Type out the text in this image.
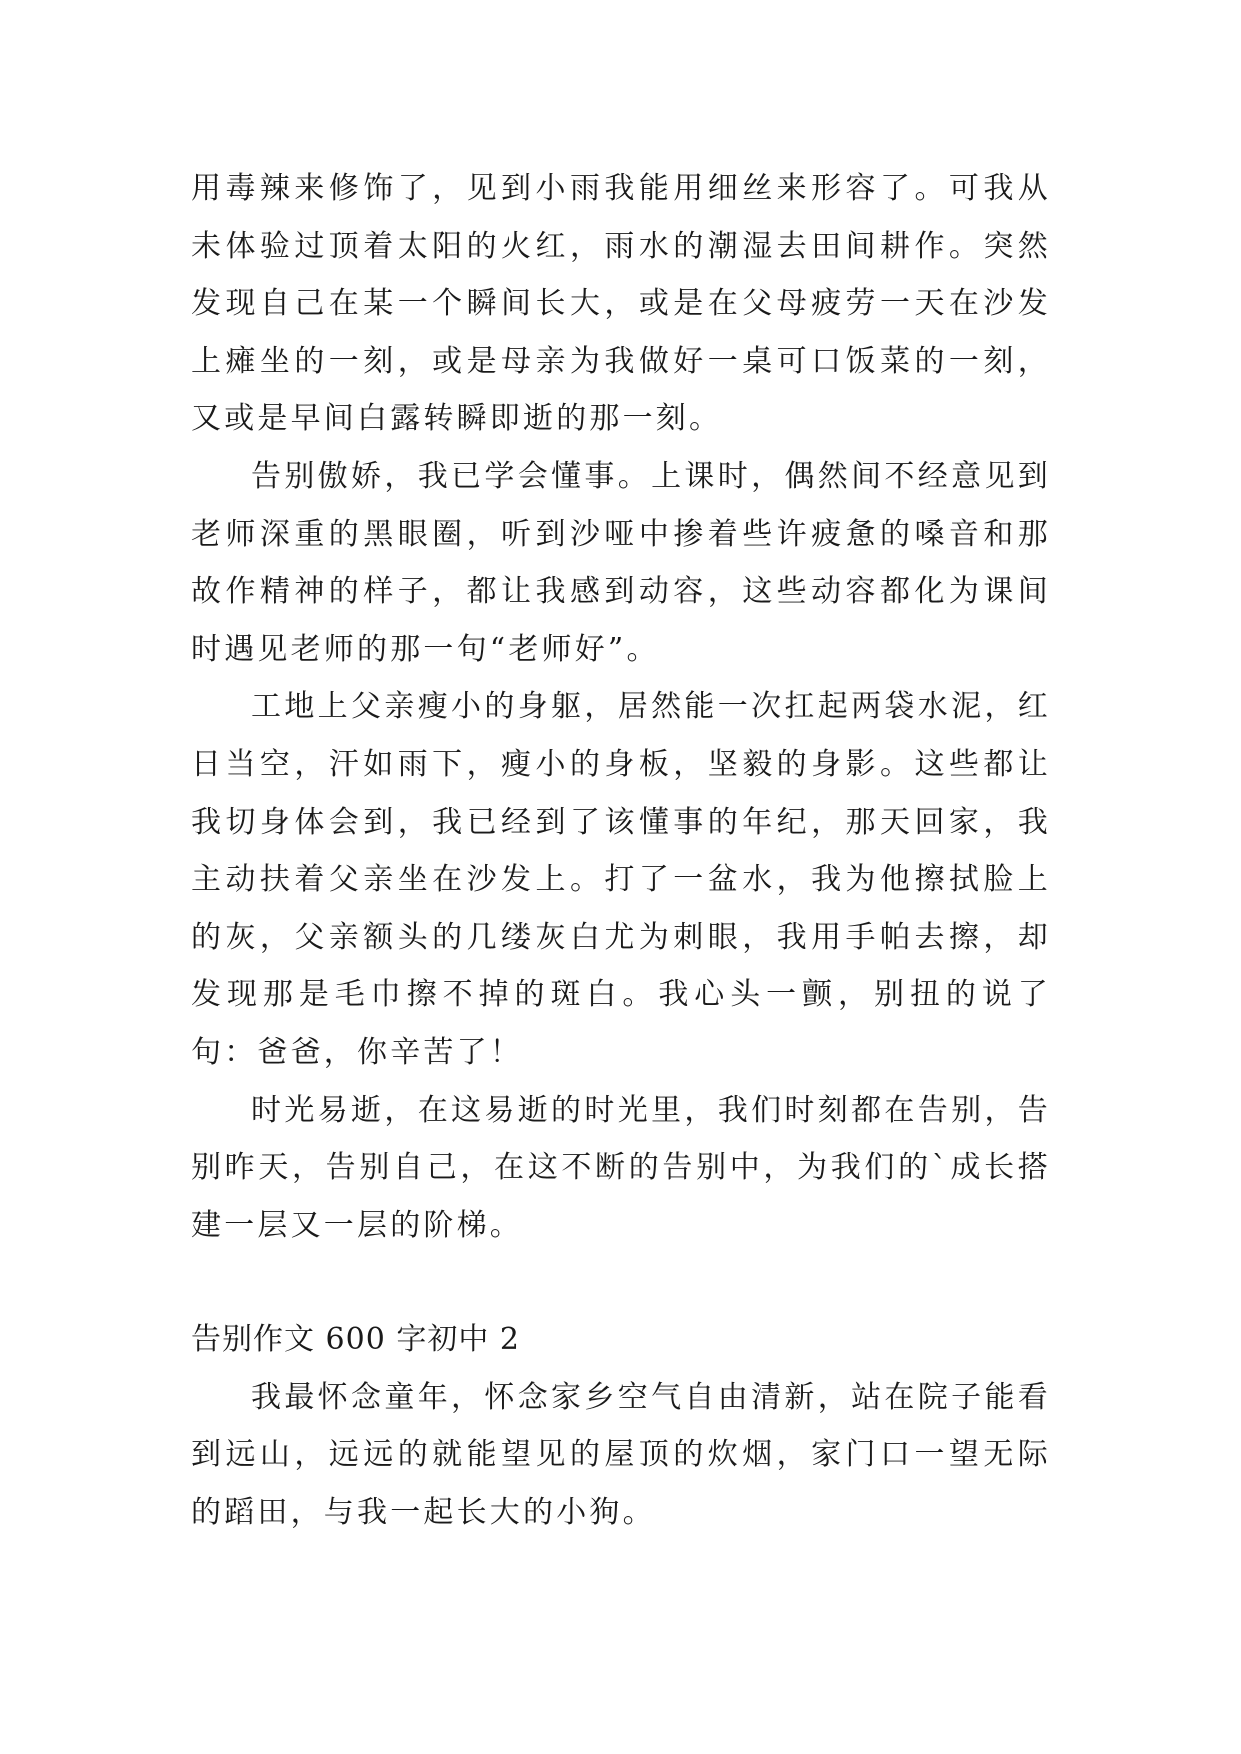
用毒辣来修饰了，见到小雨我能用细丝来形容了。可我从未体验过顶着太阳的火红，雨水的潮湿去田间耕作。突然发现自己在某一个瞬间长大，或是在父母疲劳一天在沙发上瘫坐的一刻，或是母亲为我做好一桌可口饭菜的一刻，又或是早间白露转瞬即逝的那一刻。

告别傲娇，我已学会懂事。上课时，偶然间不经意见到老师深重的黑眼圈，听到沙哑中掺着些许疲惫的嗓音和那故作精神的样子，都让我感到动容，这些动容都化为课间时遇见老师的那一句“老师好”。

工地上父亲瘦小的身躯，居然能一次扛起两袋水泥，红日当空，汗如雨下，瘦小的身板，坚毅的身影。这些都让我切身体会到，我已经到了该懂事的年纪，那天回家，我主动扶着父亲坐在沙发上。打了一盆水，我为他擦拭脸上的灰，父亲额头的几缕灰白尤为刺眼，我用手帕去擦，却发现那是毛巾擦不掉的斑白。我心头一颤，别扭的说了句：爸爸，你辛苦了！

时光易逝，在这易逝的时光里，我们时刻都在告别，告别昨天，告别自己，在这不断的告别中，为我们的`成长搭建一层又一层的阶梯。

告别作文 600 字初中 2

我最怀念童年，怀念家乡空气自由清新，站在院子能看到远山，远远的就能望见的屋顶的炊烟，家门口一望无际的蹈田，与我一起长大的小狗。
